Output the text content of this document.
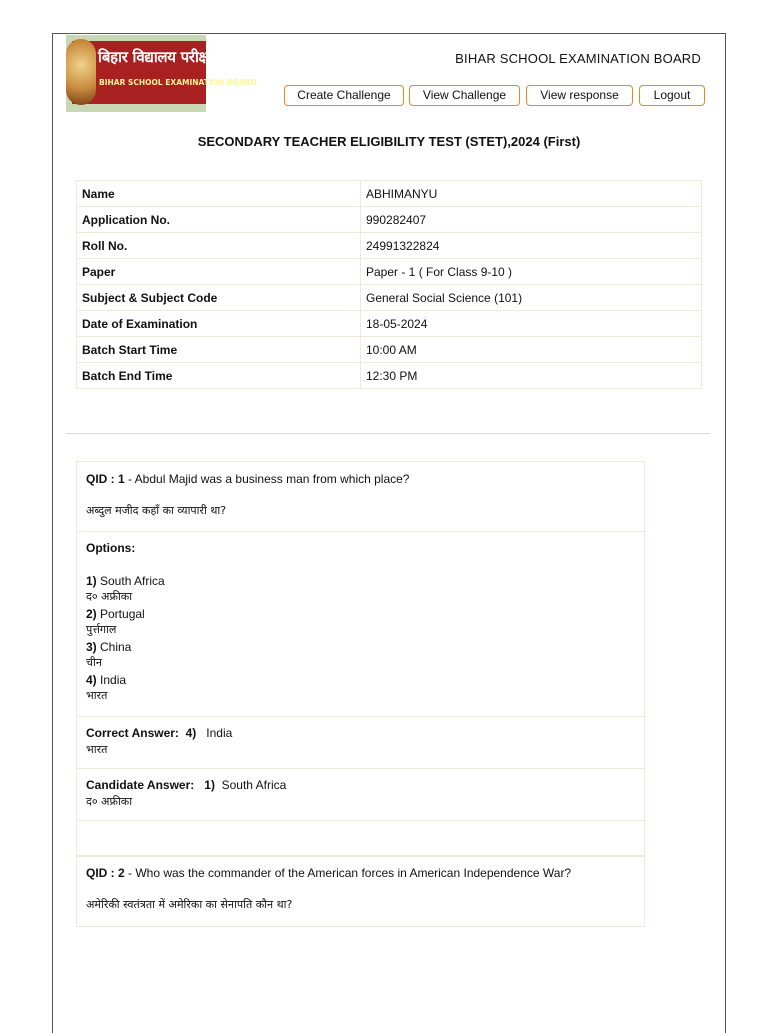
बिहार विद्यालय परीक्षा समिति
BIHAR SCHOOL EXAMINATION BOARD
BIHAR SCHOOL EXAMINATION BOARD
Create Challenge	View Challenge	View response	Logout
SECONDARY TEACHER ELIGIBILITY TEST (STET),2024 (First)
Name	ABHIMANYU
Application No.	990282407
Roll No.	24991322824
Paper	Paper - 1 ( For Class 9-10 )
Subject & Subject Code	General Social Science (101)
Date of Examination	18-05-2024
Batch Start Time	10:00 AM
Batch End Time	12:30 PM
QID : 1 - Abdul Majid was a business man from which place?
अब्दुल मजीद कहाँ का व्यापारी था?
Options:
1) South Africa
द० अफ्रीका
2) Portugal
पुर्त्तगाल
3) China
चीन
4) India
भारत
Correct Answer: 4) India
भारत
Candidate Answer: 1) South Africa
द० अफ्रीका
QID : 2 - Who was the commander of the American forces in American Independence War?
अमेरिकी स्वतंत्रता में अमेरिका का सेनापति कौन था?
